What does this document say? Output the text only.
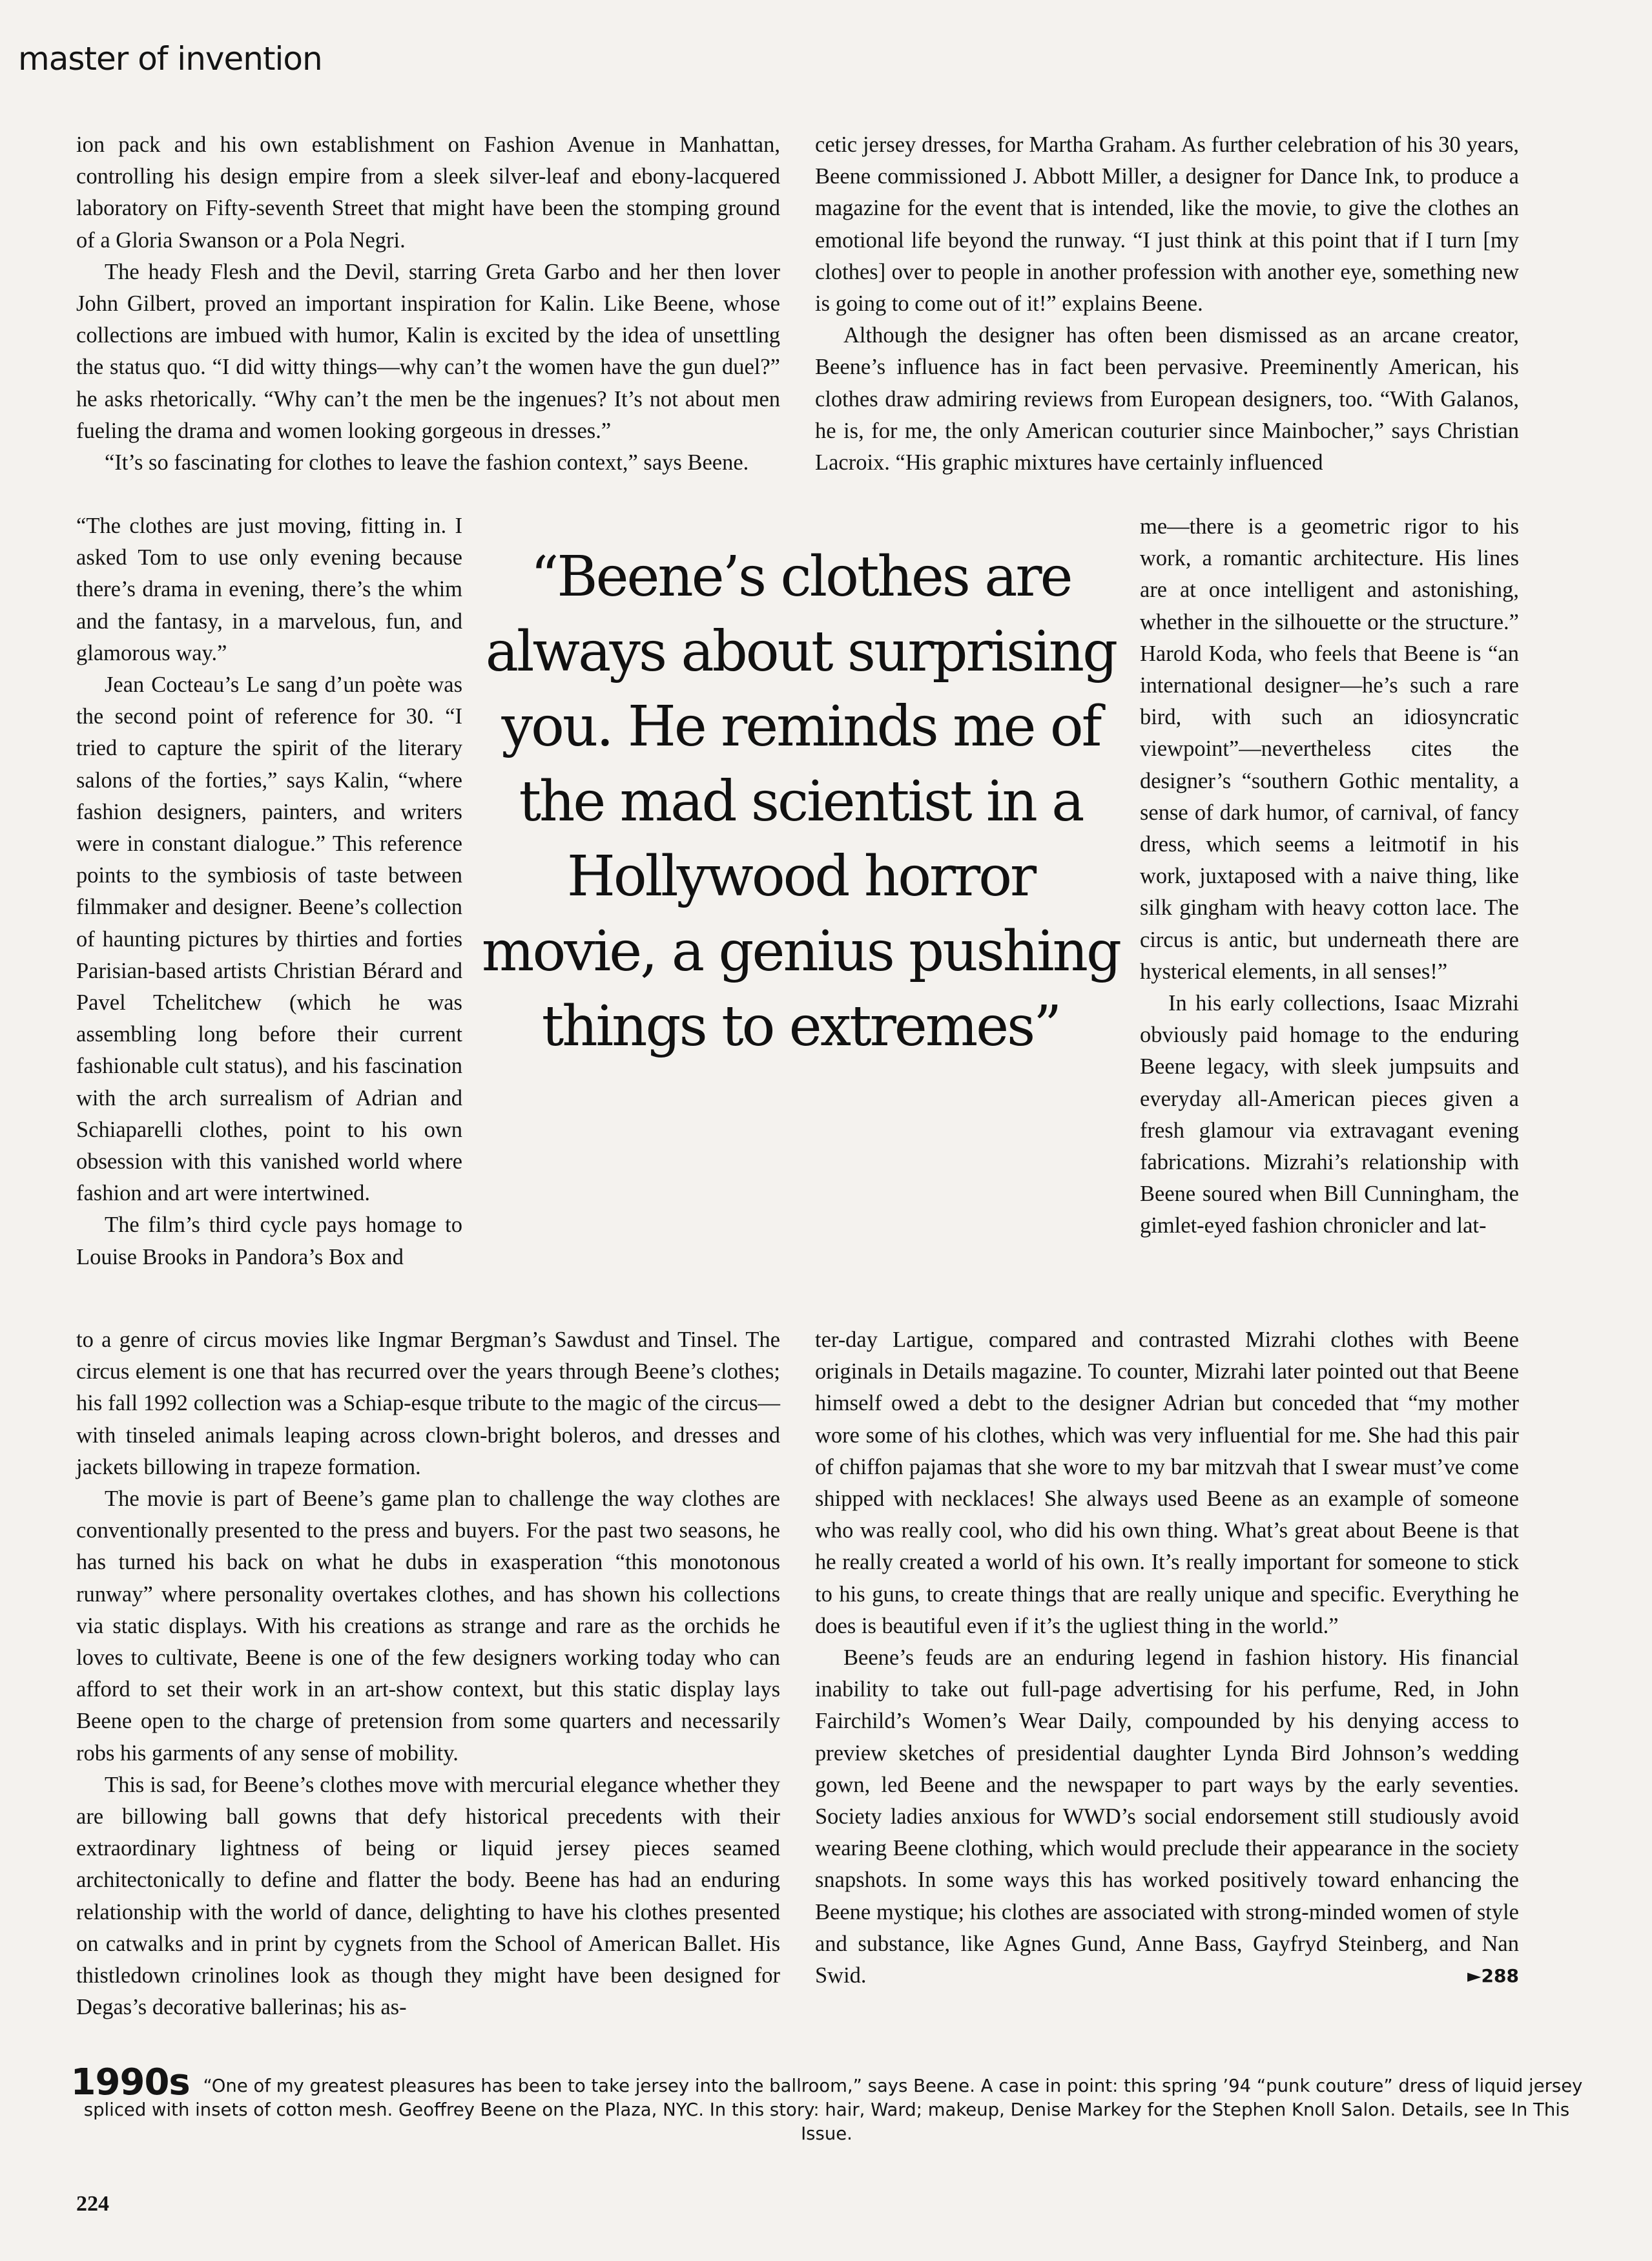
master of invention

ion pack and his own establishment on Fashion Avenue in Manhattan, controlling his design empire from a sleek silver-leaf and ebony-lacquered laboratory on Fifty-seventh Street that might have been the stomping ground of a Gloria Swanson or a Pola Negri.

The heady Flesh and the Devil, starring Greta Garbo and her then lover John Gilbert, proved an important inspiration for Kalin. Like Beene, whose collections are imbued with humor, Kalin is excited by the idea of unsettling the status quo. “I did witty things—why can’t the women have the gun duel?” he asks rhetorically. “Why can’t the men be the ingenues? It’s not about men fueling the drama and women looking gorgeous in dresses.”

“It’s so fascinating for clothes to leave the fashion context,” says Beene.

“The clothes are just moving, fitting in. I asked Tom to use only evening because there’s drama in evening, there’s the whim and the fantasy, in a marvelous, fun, and glamorous way.”

Jean Cocteau’s Le sang d’un poète was the second point of reference for 30. “I tried to capture the spirit of the literary salons of the forties,” says Kalin, “where fashion designers, painters, and writers were in constant dialogue.” This reference points to the symbiosis of taste between filmmaker and designer. Beene’s collection of haunting pictures by thirties and forties Parisian-based artists Christian Bérard and Pavel Tchelitchew (which he was assembling long before their current fashionable cult status), and his fascination with the arch surrealism of Adrian and Schiaparelli clothes, point to his own obsession with this vanished world where fashion and art were intertwined.

The film’s third cycle pays homage to Louise Brooks in Pandora’s Box and

to a genre of circus movies like Ingmar Bergman’s Sawdust and Tinsel. The circus element is one that has recurred over the years through Beene’s clothes; his fall 1992 collection was a Schiap-esque tribute to the magic of the circus—with tinseled animals leaping across clown-bright boleros, and dresses and jackets billowing in trapeze formation.

The movie is part of Beene’s game plan to challenge the way clothes are conventionally presented to the press and buyers. For the past two seasons, he has turned his back on what he dubs in exasperation “this monotonous runway” where personality overtakes clothes, and has shown his collections via static displays. With his creations as strange and rare as the orchids he loves to cultivate, Beene is one of the few designers working today who can afford to set their work in an art-show context, but this static display lays Beene open to the charge of pretension from some quarters and necessarily robs his garments of any sense of mobility.

This is sad, for Beene’s clothes move with mercurial elegance whether they are billowing ball gowns that defy historical precedents with their extraordinary lightness of being or liquid jersey pieces seamed architectonically to define and flatter the body. Beene has had an enduring relationship with the world of dance, delighting to have his clothes presented on catwalks and in print by cygnets from the School of American Ballet. His thistledown crinolines look as though they might have been designed for Degas’s decorative ballerinas; his as-

“Beene’s clothes are always about surprising you. He reminds me of the mad scientist in a Hollywood horror movie, a genius pushing things to extremes”

cetic jersey dresses, for Martha Graham. As further celebration of his 30 years, Beene commissioned J. Abbott Miller, a designer for Dance Ink, to produce a magazine for the event that is intended, like the movie, to give the clothes an emotional life beyond the runway. “I just think at this point that if I turn [my clothes] over to people in another profession with another eye, something new is going to come out of it!” explains Beene.

Although the designer has often been dismissed as an arcane creator, Beene’s influence has in fact been pervasive. Preeminently American, his clothes draw admiring reviews from European designers, too. “With Galanos, he is, for me, the only American couturier since Mainbocher,” says Christian Lacroix. “His graphic mixtures have certainly influenced

me—there is a geometric rigor to his work, a romantic architecture. His lines are at once intelligent and astonishing, whether in the silhouette or the structure.” Harold Koda, who feels that Beene is “an international designer—he’s such a rare bird, with such an idiosyncratic viewpoint”—nevertheless cites the designer’s “southern Gothic mentality, a sense of dark humor, of carnival, of fancy dress, which seems a leitmotif in his work, juxtaposed with a naive thing, like silk gingham with heavy cotton lace. The circus is antic, but underneath there are hysterical elements, in all senses!”

In his early collections, Isaac Mizrahi obviously paid homage to the enduring Beene legacy, with sleek jumpsuits and everyday all-American pieces given a fresh glamour via extravagant evening fabrications. Mizrahi’s relationship with Beene soured when Bill Cunningham, the gimlet-eyed fashion chronicler and lat-

ter-day Lartigue, compared and contrasted Mizrahi clothes with Beene originals in Details magazine. To counter, Mizrahi later pointed out that Beene himself owed a debt to the designer Adrian but conceded that “my mother wore some of his clothes, which was very influential for me. She had this pair of chiffon pajamas that she wore to my bar mitzvah that I swear must’ve come shipped with necklaces! She always used Beene as an example of someone who was really cool, who did his own thing. What’s great about Beene is that he really created a world of his own. It’s really important for someone to stick to his guns, to create things that are really unique and specific. Everything he does is beautiful even if it’s the ugliest thing in the world.”

Beene’s feuds are an enduring legend in fashion history. His financial inability to take out full-page advertising for his perfume, Red, in John Fairchild’s Women’s Wear Daily, compounded by his denying access to preview sketches of presidential daughter Lynda Bird Johnson’s wedding gown, led Beene and the newspaper to part ways by the early seventies. Society ladies anxious for WWD’s social endorsement still studiously avoid wearing Beene clothing, which would preclude their appearance in the society snapshots. In some ways this has worked positively toward enhancing the Beene mystique; his clothes are associated with strong-minded women of style and substance, like Agnes Gund, Anne Bass, Gayfryd Steinberg, and Nan Swid.	►288

1990s “One of my greatest pleasures has been to take jersey into the ballroom,” says Beene. A case in point: this spring ’94 “punk couture” dress of liquid jersey spliced with insets of cotton mesh. Geoffrey Beene on the Plaza, NYC. In this story: hair, Ward; makeup, Denise Markey for the Stephen Knoll Salon. Details, see In This Issue.
224
